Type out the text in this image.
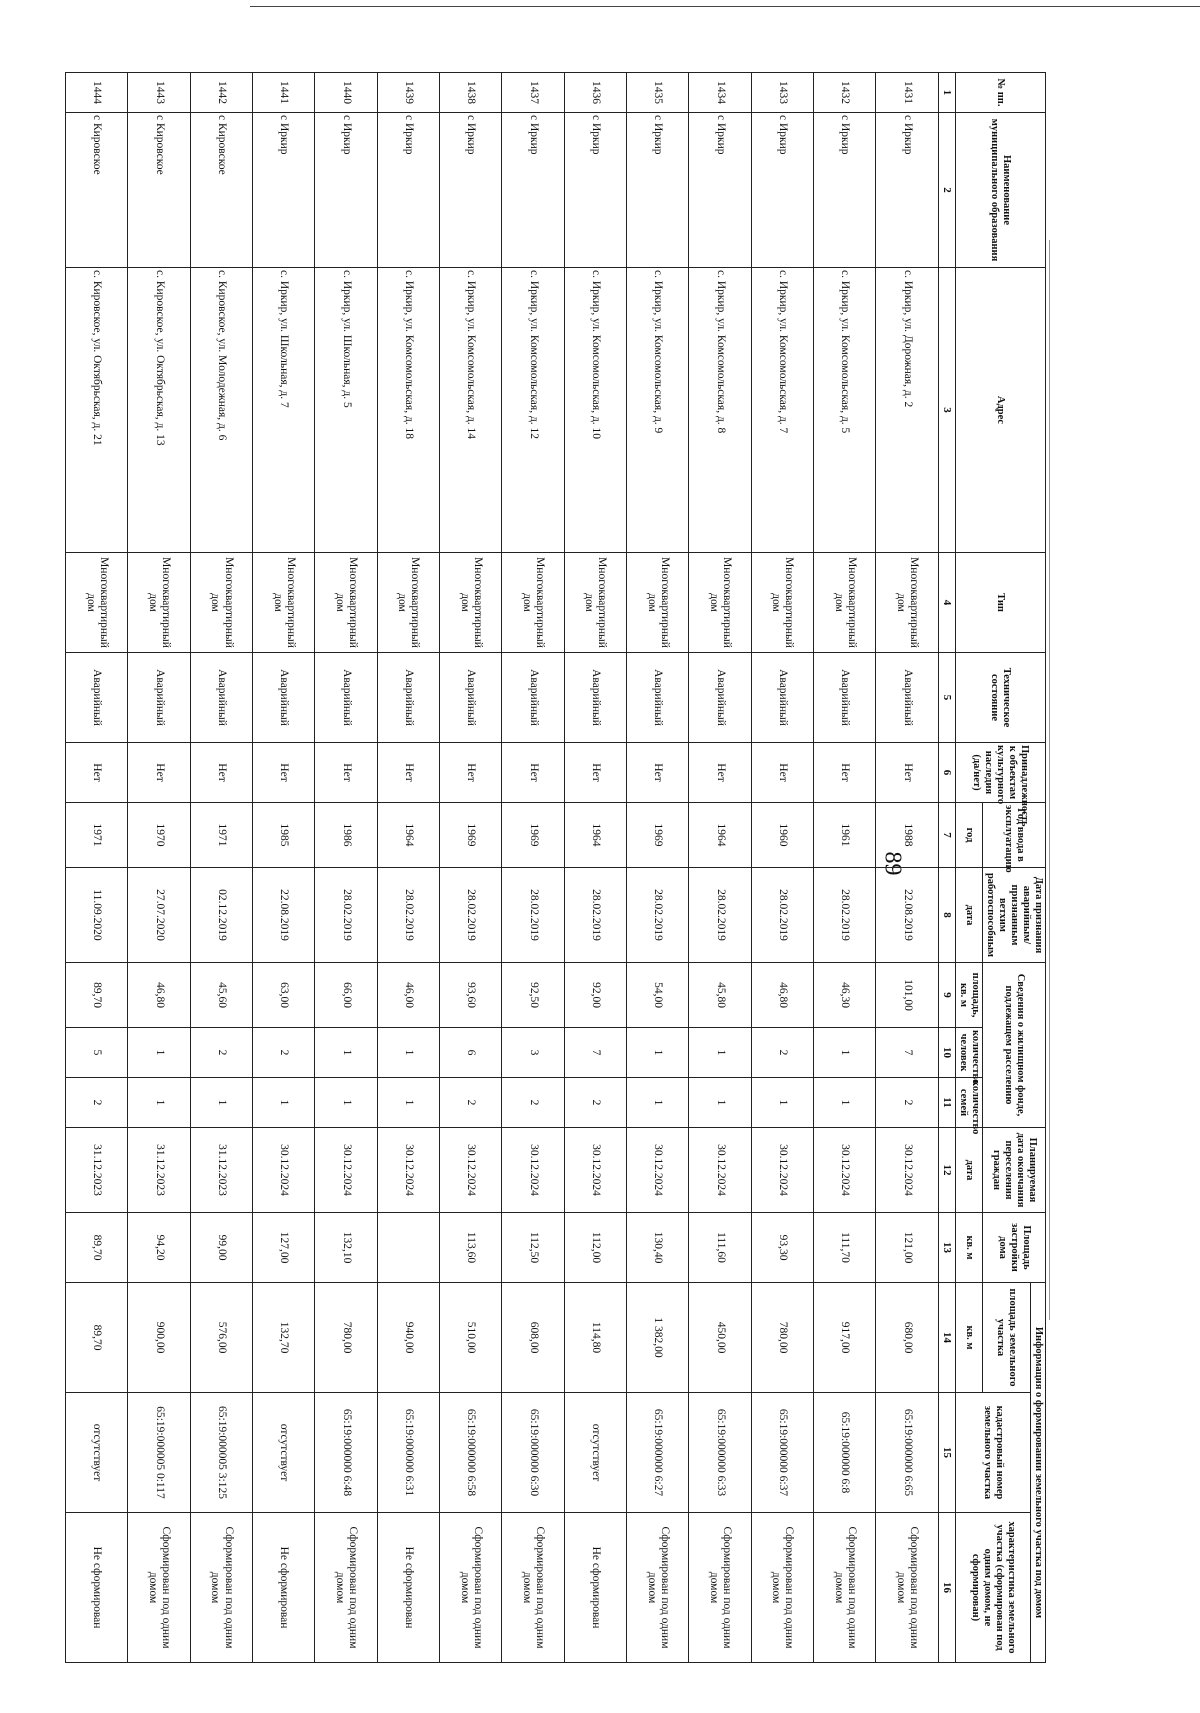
89
№ пп.	Наименование муниципального образования	Адрес	Тип	Техническое состояние	Принадлежность к объектам культурного наследия (да/нет)	Год ввода в эксплуатацию	Дата признания аварийным/признанным ветхим работоспособным	Сведения о жилищном фонде, подлежащем расселению			Планируемая дата окончания переселения граждан	Площадь застройки дома	Информация о формировании земельного участка под домом		
													площадь земельного участка	кадастровый номер земельного участка	характеристика земельного участка (сформирован под одним домом, не сформирован)
						год	дата	площадь, кв. м	количество человек	количество семей	дата	кв. м	кв. м		
1	2	3	4	5	6	7	8	9	10	11	12	13	14	15	16
1431	с Иркир	с. Иркир, ул. Дорожная, д. 2	Многоквартирный дом	Аварийный	Нет	1988	22.08.2019	101,00	7	2	30.12.2024	121,00	680,00	65:19:000000 6:65	Сформирован под одним домом
1432	с Иркир	с. Иркир, ул. Комсомольская, д. 5	Многоквартирный дом	Аварийный	Нет	1961	28.02.2019	46,30	1	1	30.12.2024	111,70	917,00	65:19:000000 6:8	Сформирован под одним домом
1433	с Иркир	с. Иркир, ул. Комсомольская, д. 7	Многоквартирный дом	Аварийный	Нет	1960	28.02.2019	46,80	2	1	30.12.2024	93,30	780,00	65:19:000000 6:37	Сформирован под одним домом
1434	с Иркир	с. Иркир, ул. Комсомольская, д. 8	Многоквартирный дом	Аварийный	Нет	1964	28.02.2019	45,80	1	1	30.12.2024	111,60	450,00	65:19:000000 6:33	Сформирован под одним домом
1435	с Иркир	с. Иркир, ул. Комсомольская, д. 9	Многоквартирный дом	Аварийный	Нет	1969	28.02.2019	54,00	1	1	30.12.2024	130,40	1 382,00	65:19:000000 6:27	Сформирован под одним домом
1436	с Иркир	с. Иркир, ул. Комсомольская, д. 10	Многоквартирный дом	Аварийный	Нет	1964	28.02.2019	92,00	7	2	30.12.2024	112,00	114,80	отсутствует	Не сформирован
1437	с Иркир	с. Иркир, ул. Комсомольская, д. 12	Многоквартирный дом	Аварийный	Нет	1969	28.02.2019	92,50	3	2	30.12.2024	112,50	608,00	65:19:000000 6:30	Сформирован под одним домом
1438	с Иркир	с. Иркир, ул. Комсомольская, д. 14	Многоквартирный дом	Аварийный	Нет	1969	28.02.2019	93,60	6	2	30.12.2024	113,60	510,00	65:19:000000 6:58	Сформирован под одним домом
1439	с Иркир	с. Иркир, ул. Комсомольская, д. 18	Многоквартирный дом	Аварийный	Нет	1964	28.02.2019	46,00	1	1	30.12.2024		940,00	65:19:000000 6:31	Не сформирован
1440	с Иркир	с. Иркир, ул. Школьная, д. 5	Многоквартирный дом	Аварийный	Нет	1986	28.02.2019	66,00	1	1	30.12.2024	132,10	780,00	65:19:000000 6:48	Сформирован под одним домом
1441	с Иркир	с. Иркир, ул. Школьная, д. 7	Многоквартирный дом	Аварийный	Нет	1985	22.08.2019	63,00	2	1	30.12.2024	127,00	132,70	отсутствует	Не сформирован
1442	с Кировское	с. Кировское, ул. Молодежная, д. 6	Многоквартирный дом	Аварийный	Нет	1971	02.12.2019	45,60	2	1	31.12.2023	99,00	576,00	65:19:000005 3:125	Сформирован под одним домом
1443	с Кировское	с. Кировское, ул. Октябрьская, д. 13	Многоквартирный дом	Аварийный	Нет	1970	27.07.2020	46,80	1	1	31.12.2023	94,20	900,00	65:19:000005 0:117	Сформирован под одним домом
1444	с Кировское	с. Кировское, ул. Октябрьская, д. 21	Многоквартирный дом	Аварийный	Нет	1971	11.09.2020	89,70	5	2	31.12.2023	89,70	89,70	отсутствует	Не сформирован
